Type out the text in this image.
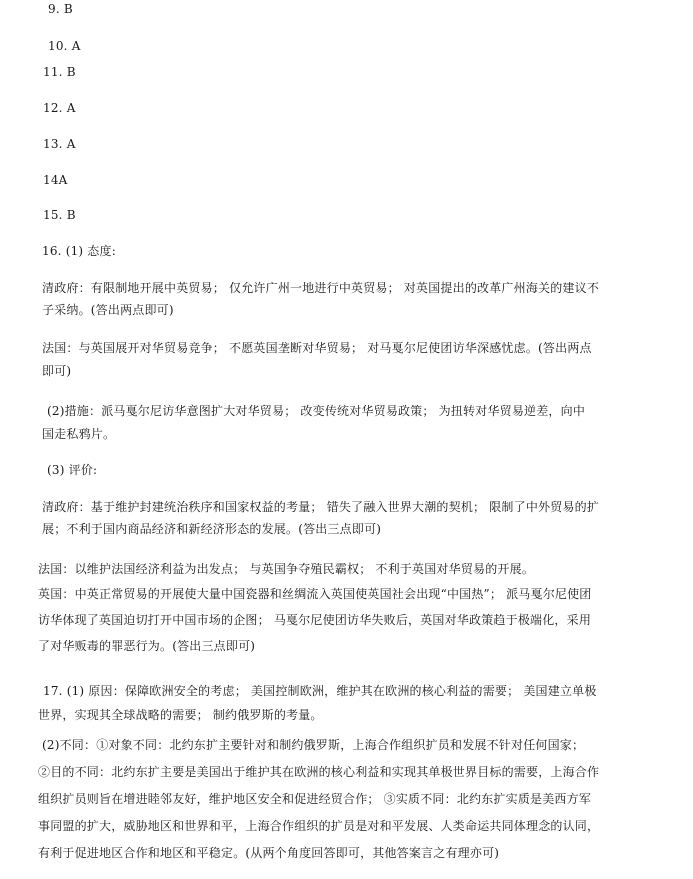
9. B
10. A
11. B
12. A
13. A
14A
15. B
16. (1) 态度:
清政府：有限制地开展中英贸易； 仅允许广州一地进行中英贸易； 对英国提出的改革广州海关的建议不
子采纳。(答出两点即可)
法国：与英国展开对华贸易竞争； 不愿英国垄断对华贸易； 对马戛尔尼使团访华深感忧虑。(答出两点
即可)
(2)措施：派马戛尔尼访华意图扩大对华贸易； 改变传统对华贸易政策； 为扭转对华贸易逆差，向中
国走私鸦片。
(3) 评价:
清政府：基于维护封建统治秩序和国家权益的考量； 错失了融入世界大潮的契机； 限制了中外贸易的扩
展；不利于国内商品经济和新经济形态的发展。(答出三点即可)
法国：以维护法国经济利益为出发点； 与英国争夺殖民霸权； 不利于英国对华贸易的开展。
英国：中英正常贸易的开展使大量中国瓷器和丝绸流入英国使英国社会出现“中国热”； 派马戛尔尼使团
访华体现了英国迫切打开中国市场的企图； 马戛尔尼使团访华失败后，英国对华政策趋于极端化，采用
了对华贩毒的罪恶行为。(答出三点即可)
17. (1) 原因：保障欧洲安全的考虑； 美国控制欧洲，维护其在欧洲的核心利益的需要； 美国建立单极
世界，实现其全球战略的需要； 制约俄罗斯的考量。
(2)不同：①对象不同：北约东扩主要针对和制约俄罗斯，上海合作组织扩员和发展不针对任何国家；
②目的不同：北约东扩主要是美国出于维护其在欧洲的核心利益和实现其单极世界目标的需要，上海合作
组织扩员则旨在增进睦邻友好，维护地区安全和促进经贸合作； ③实质不同：北约东扩实质是美西方军
事同盟的扩大，威胁地区和世界和平，上海合作组织的扩员是对和平发展、人类命运共同体理念的认同，
有利于促进地区合作和地区和平稳定。(从两个角度回答即可，其他答案言之有理亦可)
